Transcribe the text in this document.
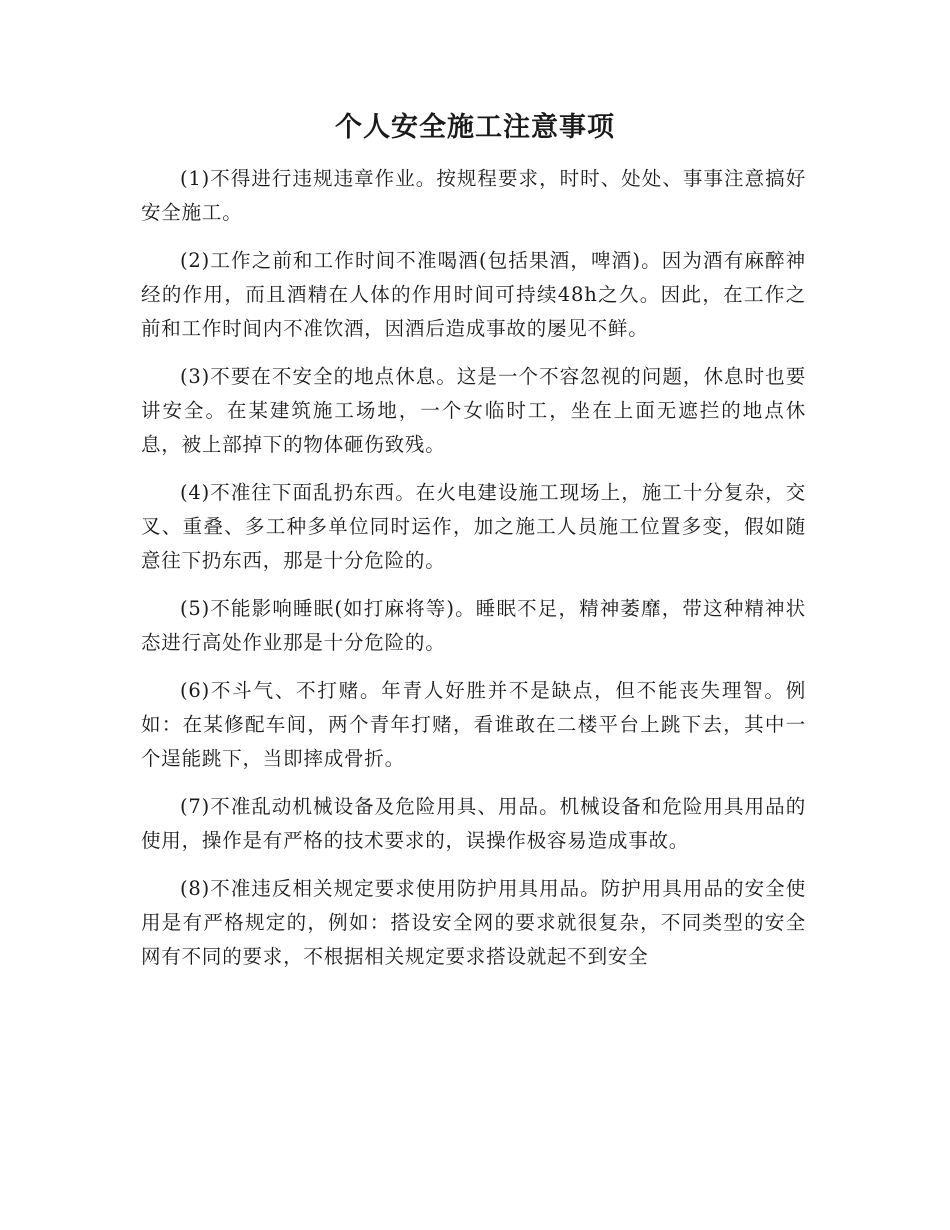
个人安全施工注意事项

(1)不得进行违规违章作业。按规程要求，时时、处处、事事注意搞好安全施工。

(2)工作之前和工作时间不准喝酒(包括果酒，啤酒)。因为酒有麻醉神经的作用，而且酒精在人体的作用时间可持续48h之久。因此，在工作之前和工作时间内不准饮酒，因酒后造成事故的屡见不鲜。

(3)不要在不安全的地点休息。这是一个不容忽视的问题，休息时也要讲安全。在某建筑施工场地，一个女临时工，坐在上面无遮拦的地点休息，被上部掉下的物体砸伤致残。

(4)不准往下面乱扔东西。在火电建设施工现场上，施工十分复杂，交叉、重叠、多工种多单位同时运作，加之施工人员施工位置多变，假如随意往下扔东西，那是十分危险的。

(5)不能影响睡眠(如打麻将等)。睡眠不足，精神萎靡，带这种精神状态进行高处作业那是十分危险的。

(6)不斗气、不打赌。年青人好胜并不是缺点，但不能丧失理智。例如：在某修配车间，两个青年打赌，看谁敢在二楼平台上跳下去，其中一个逞能跳下，当即摔成骨折。

(7)不准乱动机械设备及危险用具、用品。机械设备和危险用具用品的使用，操作是有严格的技术要求的，误操作极容易造成事故。

(8)不准违反相关规定要求使用防护用具用品。防护用具用品的安全使用是有严格规定的，例如：搭设安全网的要求就很复杂，不同类型的安全网有不同的要求，不根据相关规定要求搭设就起不到安全
